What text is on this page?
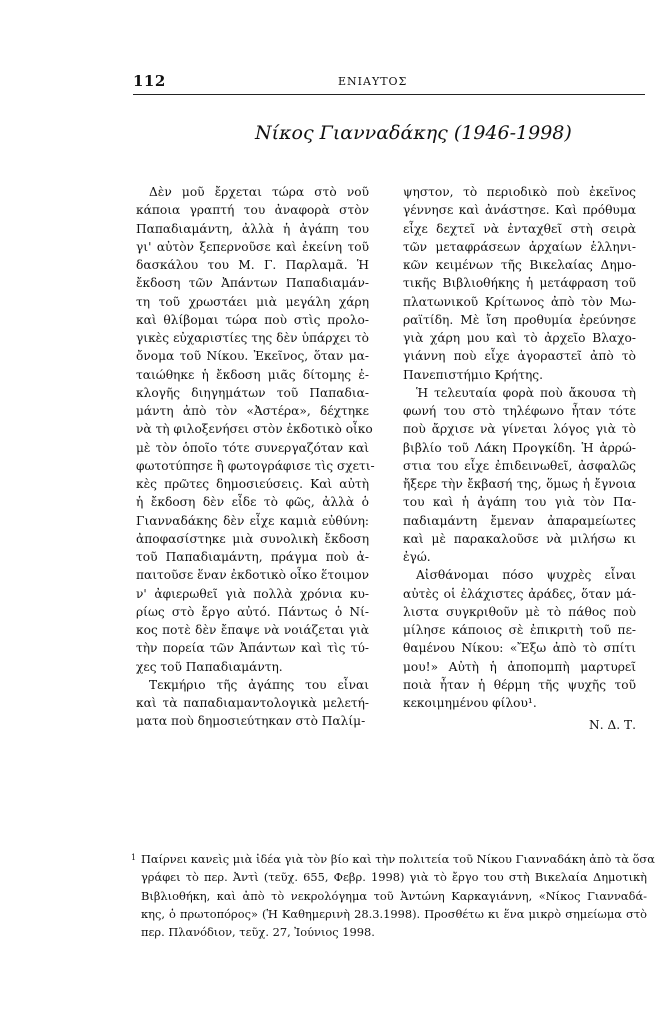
112	ΕΝΙΑΥΤΟΣ
Νίκος Γιανναδάκης (1946-1998)
Δὲν μοῦ ἔρχεται τώρα στὸ νοῦ
κάποια γραπτή του ἀναφορὰ στὸν
Παπαδιαμάντη, ἀλλὰ ἡ ἀγάπη του
γι' αὐτὸν ξεπερνοῦσε καὶ ἐκείνη τοῦ
δασκάλου του Μ. Γ. Παρλαμᾶ. Ἡ
ἔκδοση τῶν Ἀπάντων Παπαδιαμάν-
τη τοῦ χρωστάει μιὰ μεγάλη χάρη
καὶ θλίβομαι τώρα ποὺ στὶς προλο-
γικὲς εὐχαριστίες της δὲν ὑπάρχει τὸ
ὄνομα τοῦ Νίκου. Ἐκεῖνος, ὅταν μα-
ταιώθηκε ἡ ἔκδοση μιᾶς δίτομης ἐ-
κλογῆς διηγημάτων τοῦ Παπαδια-
μάντη ἀπὸ τὸν «Ἀστέρα», δέχτηκε
νὰ τὴ φιλοξενήσει στὸν ἐκδοτικὸ οἶκο
μὲ τὸν ὁποῖο τότε συνεργαζόταν καὶ
φωτοτύπησε ἢ φωτογράφισε τὶς σχετι-
κὲς πρῶτες δημοσιεύσεις. Καὶ αὐτὴ
ἡ ἔκδοση δὲν εἶδε τὸ φῶς, ἀλλὰ ὁ
Γιανναδάκης δὲν εἶχε καμιὰ εὐθύνη:
ἀποφασίστηκε μιὰ συνολικὴ ἔκδοση
τοῦ Παπαδιαμάντη, πράγμα ποὺ ἀ-
παιτοῦσε ἕναν ἐκδοτικὸ οἶκο ἕτοιμον
ν' ἀφιερωθεῖ γιὰ πολλὰ χρόνια κυ-
ρίως στὸ ἔργο αὐτό. Πάντως ὁ Νί-
κος ποτὲ δὲν ἔπαψε νὰ νοιάζεται γιὰ
τὴν πορεία τῶν Ἀπάντων καὶ τὶς τύ-
χες τοῦ Παπαδιαμάντη.
Τεκμήριο τῆς ἀγάπης του εἶναι
καὶ τὰ παπαδιαμαντολογικὰ μελετή-
ματα ποὺ δημοσιεύτηκαν στὸ Παλίμ-
ψηστον, τὸ περιοδικὸ ποὺ ἐκεῖνος
γέννησε καὶ ἀνάστησε. Καὶ πρόθυμα
εἶχε δεχτεῖ νὰ ἐνταχθεῖ στὴ σειρὰ
τῶν μεταφράσεων ἀρχαίων ἑλληνι-
κῶν κειμένων τῆς Βικελαίας Δημο-
τικῆς Βιβλιοθήκης ἡ μετάφραση τοῦ
πλατωνικοῦ Κρίτωνος ἀπὸ τὸν Μω-
ραϊτίδη. Μὲ ἴση προθυμία ἐρεύνησε
γιὰ χάρη μου καὶ τὸ ἀρχεῖο Βλαχο-
γιάννη ποὺ εἶχε ἀγοραστεῖ ἀπὸ τὸ
Πανεπιστήμιο Κρήτης.
Ἡ τελευταία φορὰ ποὺ ἄκουσα τὴ
φωνή του στὸ τηλέφωνο ἦταν τότε
ποὺ ἄρχισε νὰ γίνεται λόγος γιὰ τὸ
βιβλίο τοῦ Λάκη Προγκίδη. Ἡ ἀρρώ-
στια του εἶχε ἐπιδεινωθεῖ, ἀσφαλῶς
ἤξερε τὴν ἔκβασή της, ὅμως ἡ ἔγνοια
του καὶ ἡ ἀγάπη του γιὰ τὸν Πα-
παδιαμάντη ἔμεναν ἀπαραμείωτες
καὶ μὲ παρακαλοῦσε νὰ μιλήσω κι
ἐγώ.
Αἰσθάνομαι πόσο ψυχρὲς εἶναι
αὐτὲς οἱ ἐλάχιστες ἀράδες, ὅταν μά-
λιστα συγκριθοῦν μὲ τὸ πάθος ποὺ
μίλησε κάποιος σὲ ἐπικριτὴ τοῦ πε-
θαμένου Νίκου: «Ἔξω ἀπὸ τὸ σπίτι
μου!» Αὐτὴ ἡ ἀποπομπὴ μαρτυρεῖ
ποιὰ ἦταν ἡ θέρμη τῆς ψυχῆς τοῦ
κεκοιμημένου φίλου¹.
Ν. Δ. Τ.
1 Παίρνει κανεὶς μιὰ ἰδέα γιὰ τὸν βίο καὶ τὴν πολιτεία τοῦ Νίκου Γιανναδάκη ἀπὸ τὰ ὅσα
γράφει τὸ περ. Ἀντὶ (τεῦχ. 655, Φεβρ. 1998) γιὰ τὸ ἔργο του στὴ Βικελαία Δημοτικὴ
Βιβλιοθήκη, καὶ ἀπὸ τὸ νεκρολόγημα τοῦ Ἀντώνη Καρκαγιάννη, «Νίκος Γιανναδά-
κης, ὁ πρωτοπόρος» (Ἡ Καθημερινὴ 28.3.1998). Προσθέτω κι ἕνα μικρὸ σημείωμα στὸ
περ. Πλανόδιον, τεῦχ. 27, Ἰούνιος 1998.
